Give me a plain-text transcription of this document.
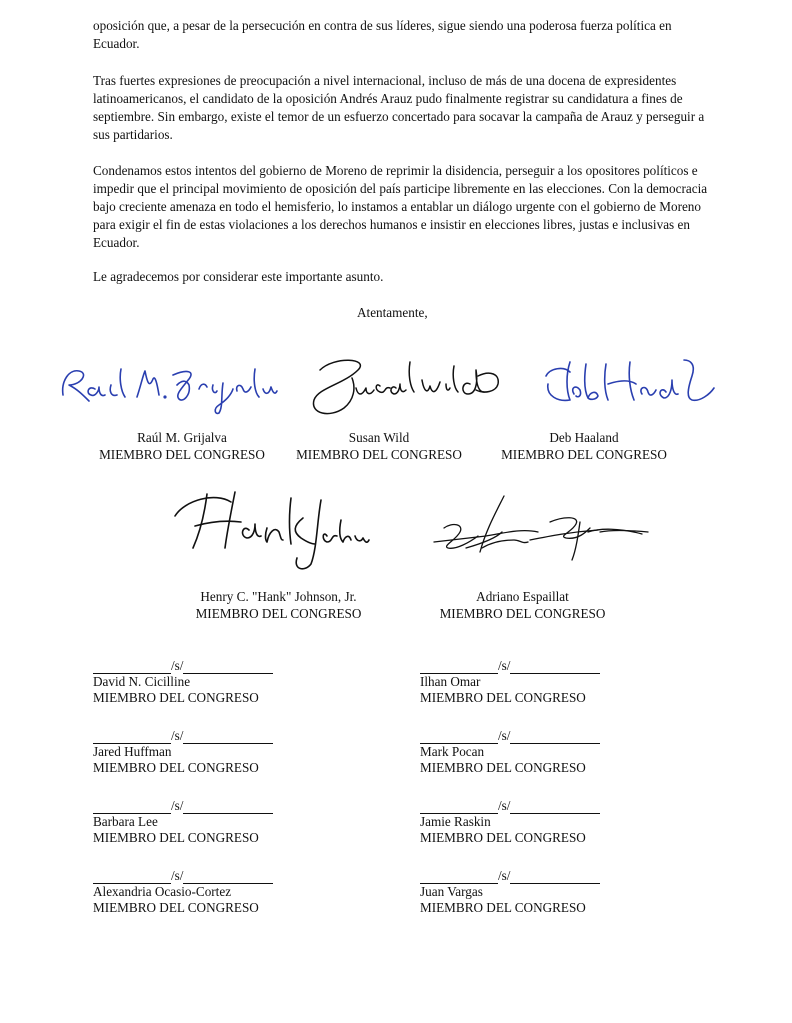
oposición que, a pesar de la persecución en contra de sus líderes, sigue siendo una poderosa fuerza política en Ecuador.

Tras fuertes expresiones de preocupación a nivel internacional, incluso de más de una docena de expresidentes latinoamericanos, el candidato de la oposición Andrés Arauz pudo finalmente registrar su candidatura a fines de septiembre. Sin embargo, existe el temor de un esfuerzo concertado para socavar la campaña de Arauz y perseguir a sus partidarios.

Condenamos estos intentos del gobierno de Moreno de reprimir la disidencia, perseguir a los opositores políticos e impedir que el principal movimiento de oposición del país participe libremente en las elecciones. Con la democracia bajo creciente amenaza en todo el hemisferio, lo instamos a entablar un diálogo urgente con el gobierno de Moreno para exigir el fin de estas violaciones a los derechos humanos e insistir en elecciones libres, justas e inclusivas en Ecuador.

Le agradecemos por considerar este importante asunto.

Atentamente,
Raúl M. Grijalva
MIEMBRO DEL CONGRESO
Susan Wild
MIEMBRO DEL CONGRESO
Deb Haaland
MIEMBRO DEL CONGRESO
Henry C. "Hank" Johnson, Jr.
MIEMBRO DEL CONGRESO
Adriano Espaillat
MIEMBRO DEL CONGRESO
/s/
David N. Cicilline
MIEMBRO DEL CONGRESO
/s/
Ilhan Omar
MIEMBRO DEL CONGRESO
/s/
Jared Huffman
MIEMBRO DEL CONGRESO
/s/
Mark Pocan
MIEMBRO DEL CONGRESO
/s/
Barbara Lee
MIEMBRO DEL CONGRESO
/s/
Jamie Raskin
MIEMBRO DEL CONGRESO
/s/
Alexandria Ocasio-Cortez
MIEMBRO DEL CONGRESO
/s/
Juan Vargas
MIEMBRO DEL CONGRESO
